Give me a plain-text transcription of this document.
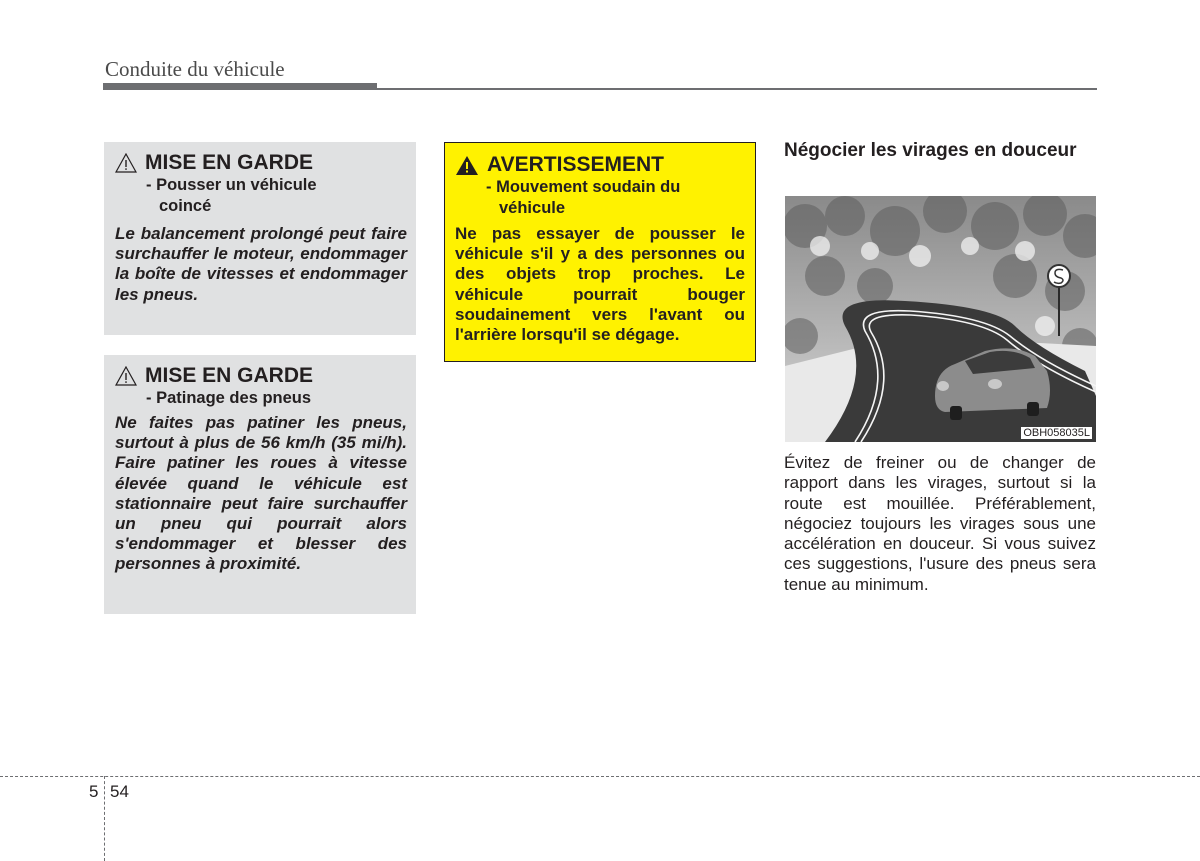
Conduite du véhicule
MISE EN GARDE
- Pousser un véhicule
coincé
Le balancement prolongé peut faire surchauffer le moteur, endommager la boîte de vitesses et endommager les pneus.
MISE EN GARDE
- Patinage des pneus
Ne faites pas patiner les pneus, surtout à plus de 56 km/h (35 mi/h). Faire patiner les roues à vitesse élevée quand le véhicule est stationnaire peut faire surchauffer un pneu qui pourrait alors s'endommager et blesser des personnes à proximité.
AVERTISSEMENT
- Mouvement soudain du
véhicule
Ne pas essayer de pousser le véhicule s'il y a des personnes ou des objets trop proches. Le véhicule pourrait bouger soudainement vers l'avant ou l'arrière lorsqu'il se dégage.
Négocier les virages en douceur
OBH058035L
Évitez de freiner ou de changer de rapport dans les virages, surtout si la route est mouillée. Préférablement, négociez toujours les virages sous une accélération en douceur. Si vous suivez ces suggestions, l'usure des pneus sera tenue au minimum.
5 54
